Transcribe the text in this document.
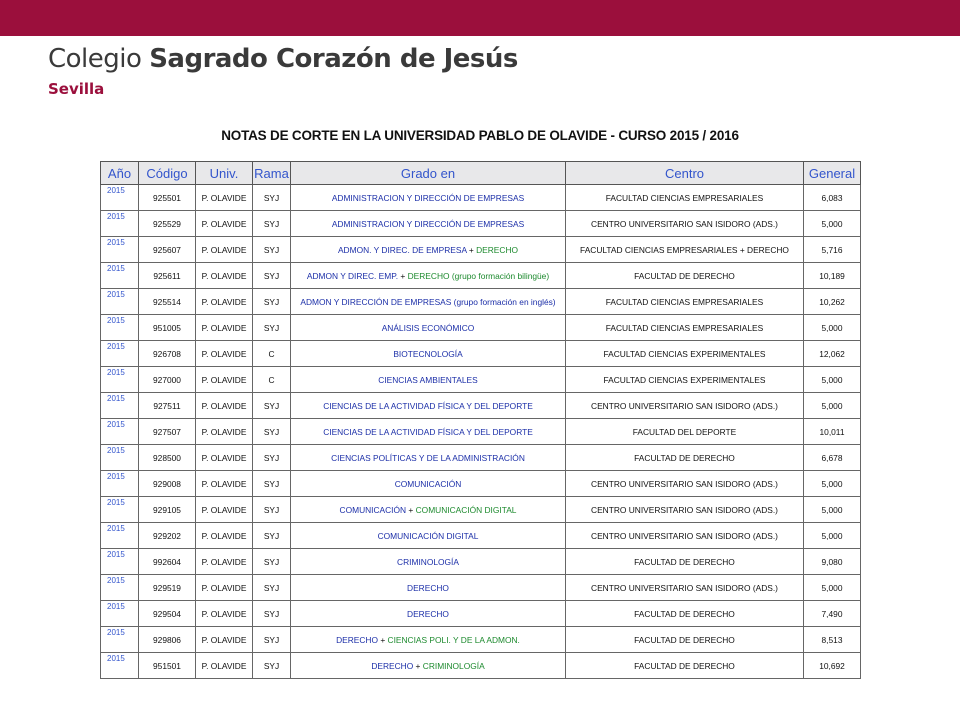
Colegio Sagrado Corazón de Jesús
Sevilla
NOTAS DE CORTE EN LA UNIVERSIDAD PABLO DE OLAVIDE - CURSO 2015 / 2016
Año	Código	Univ.	Rama	Grado en	Centro	General
2015	925501	P. OLAVIDE	SYJ	ADMINISTRACION Y DIRECCIÓN DE EMPRESAS	FACULTAD CIENCIAS EMPRESARIALES	6,083
2015	925529	P. OLAVIDE	SYJ	ADMINISTRACION Y DIRECCIÓN DE EMPRESAS	CENTRO UNIVERSITARIO SAN ISIDORO (ADS.)	5,000
2015	925607	P. OLAVIDE	SYJ	ADMON. Y DIREC. DE EMPRESA + DERECHO	FACULTAD CIENCIAS EMPRESARIALES + DERECHO	5,716
2015	925611	P. OLAVIDE	SYJ	ADMON Y DIREC. EMP. + DERECHO (grupo formación bilingüe)	FACULTAD DE DERECHO	10,189
2015	925514	P. OLAVIDE	SYJ	ADMON Y DIRECCIÓN DE EMPRESAS (grupo formación en inglés)	FACULTAD CIENCIAS EMPRESARIALES	10,262
2015	951005	P. OLAVIDE	SYJ	ANÁLISIS ECONÓMICO	FACULTAD CIENCIAS EMPRESARIALES	5,000
2015	926708	P. OLAVIDE	C	BIOTECNOLOGÍA	FACULTAD CIENCIAS EXPERIMENTALES	12,062
2015	927000	P. OLAVIDE	C	CIENCIAS AMBIENTALES	FACULTAD CIENCIAS EXPERIMENTALES	5,000
2015	927511	P. OLAVIDE	SYJ	CIENCIAS DE LA ACTIVIDAD FÍSICA Y DEL DEPORTE	CENTRO UNIVERSITARIO SAN ISIDORO (ADS.)	5,000
2015	927507	P. OLAVIDE	SYJ	CIENCIAS DE LA ACTIVIDAD FÍSICA Y DEL DEPORTE	FACULTAD DEL DEPORTE	10,011
2015	928500	P. OLAVIDE	SYJ	CIENCIAS POLÍTICAS Y DE LA ADMINISTRACIÓN	FACULTAD DE DERECHO	6,678
2015	929008	P. OLAVIDE	SYJ	COMUNICACIÓN	CENTRO UNIVERSITARIO SAN ISIDORO (ADS.)	5,000
2015	929105	P. OLAVIDE	SYJ	COMUNICACIÓN + COMUNICACIÓN DIGITAL	CENTRO UNIVERSITARIO SAN ISIDORO (ADS.)	5,000
2015	929202	P. OLAVIDE	SYJ	COMUNICACIÓN DIGITAL	CENTRO UNIVERSITARIO SAN ISIDORO (ADS.)	5,000
2015	992604	P. OLAVIDE	SYJ	CRIMINOLOGÍA	FACULTAD DE DERECHO	9,080
2015	929519	P. OLAVIDE	SYJ	DERECHO	CENTRO UNIVERSITARIO SAN ISIDORO (ADS.)	5,000
2015	929504	P. OLAVIDE	SYJ	DERECHO	FACULTAD DE DERECHO	7,490
2015	929806	P. OLAVIDE	SYJ	DERECHO + CIENCIAS POLI. Y DE LA ADMON.	FACULTAD DE DERECHO	8,513
2015	951501	P. OLAVIDE	SYJ	DERECHO + CRIMINOLOGÍA	FACULTAD DE DERECHO	10,692
